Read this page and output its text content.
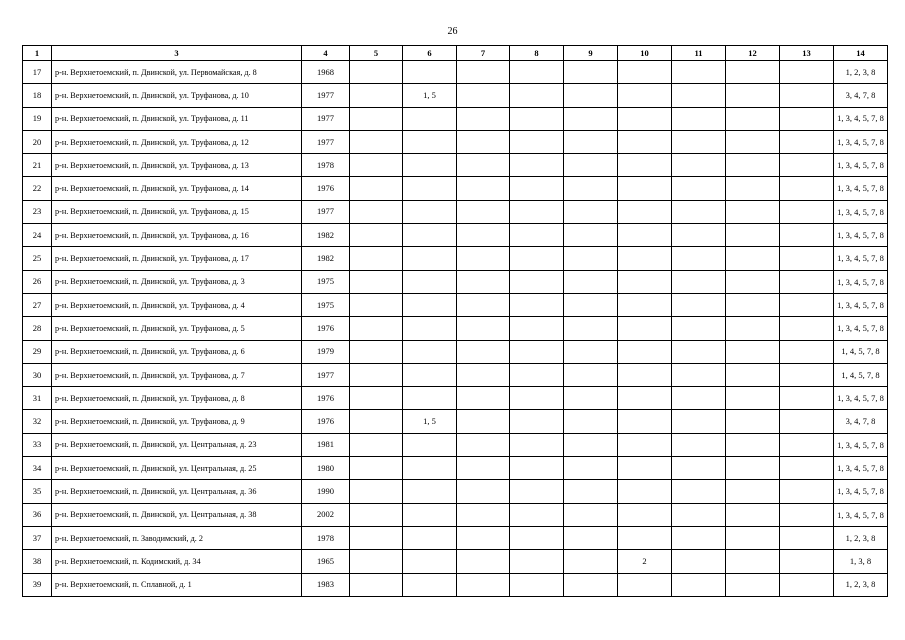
26
1	3	4	5	6	7	8	9	10	11	12	13	14
17	р-н. Верхнетоемский, п. Двинской, ул. Первомайская, д. 8	1968										1, 2, 3, 8
18	р-н. Верхнетоемский, п. Двинской, ул. Труфанова, д. 10	1977		1, 5								3, 4, 7, 8
19	р-н. Верхнетоемский, п. Двинской, ул. Труфанова, д. 11	1977										1, 3, 4, 5, 7, 8
20	р-н. Верхнетоемский, п. Двинской, ул. Труфанова, д. 12	1977										1, 3, 4, 5, 7, 8
21	р-н. Верхнетоемский, п. Двинской, ул. Труфанова, д. 13	1978										1, 3, 4, 5, 7, 8
22	р-н. Верхнетоемский, п. Двинской, ул. Труфанова, д. 14	1976										1, 3, 4, 5, 7, 8
23	р-н. Верхнетоемский, п. Двинской, ул. Труфанова, д. 15	1977										1, 3, 4, 5, 7, 8
24	р-н. Верхнетоемский, п. Двинской, ул. Труфанова, д. 16	1982										1, 3, 4, 5, 7, 8
25	р-н. Верхнетоемский, п. Двинской, ул. Труфанова, д. 17	1982										1, 3, 4, 5, 7, 8
26	р-н. Верхнетоемский, п. Двинской, ул. Труфанова, д. 3	1975										1, 3, 4, 5, 7, 8
27	р-н. Верхнетоемский, п. Двинской, ул. Труфанова, д. 4	1975										1, 3, 4, 5, 7, 8
28	р-н. Верхнетоемский, п. Двинской, ул. Труфанова, д. 5	1976										1, 3, 4, 5, 7, 8
29	р-н. Верхнетоемский, п. Двинской, ул. Труфанова, д. 6	1979										1, 4, 5, 7, 8
30	р-н. Верхнетоемский, п. Двинской, ул. Труфанова, д. 7	1977										1, 4, 5, 7, 8
31	р-н. Верхнетоемский, п. Двинской, ул. Труфанова, д. 8	1976										1, 3, 4, 5, 7, 8
32	р-н. Верхнетоемский, п. Двинской, ул. Труфанова, д. 9	1976		1, 5								3, 4, 7, 8
33	р-н. Верхнетоемский, п. Двинской, ул. Центральная, д. 23	1981										1, 3, 4, 5, 7, 8
34	р-н. Верхнетоемский, п. Двинской, ул. Центральная, д. 25	1980										1, 3, 4, 5, 7, 8
35	р-н. Верхнетоемский, п. Двинской, ул. Центральная, д. 36	1990										1, 3, 4, 5, 7, 8
36	р-н. Верхнетоемский, п. Двинской, ул. Центральная, д. 38	2002										1, 3, 4, 5, 7, 8
37	р-н. Верхнетоемский, п. Заводимский, д. 2	1978										1, 2, 3, 8
38	р-н. Верхнетоемский, п. Кодимский, д. 34	1965						2				1, 3, 8
39	р-н. Верхнетоемский, п. Сплавной, д. 1	1983										1, 2, 3, 8
